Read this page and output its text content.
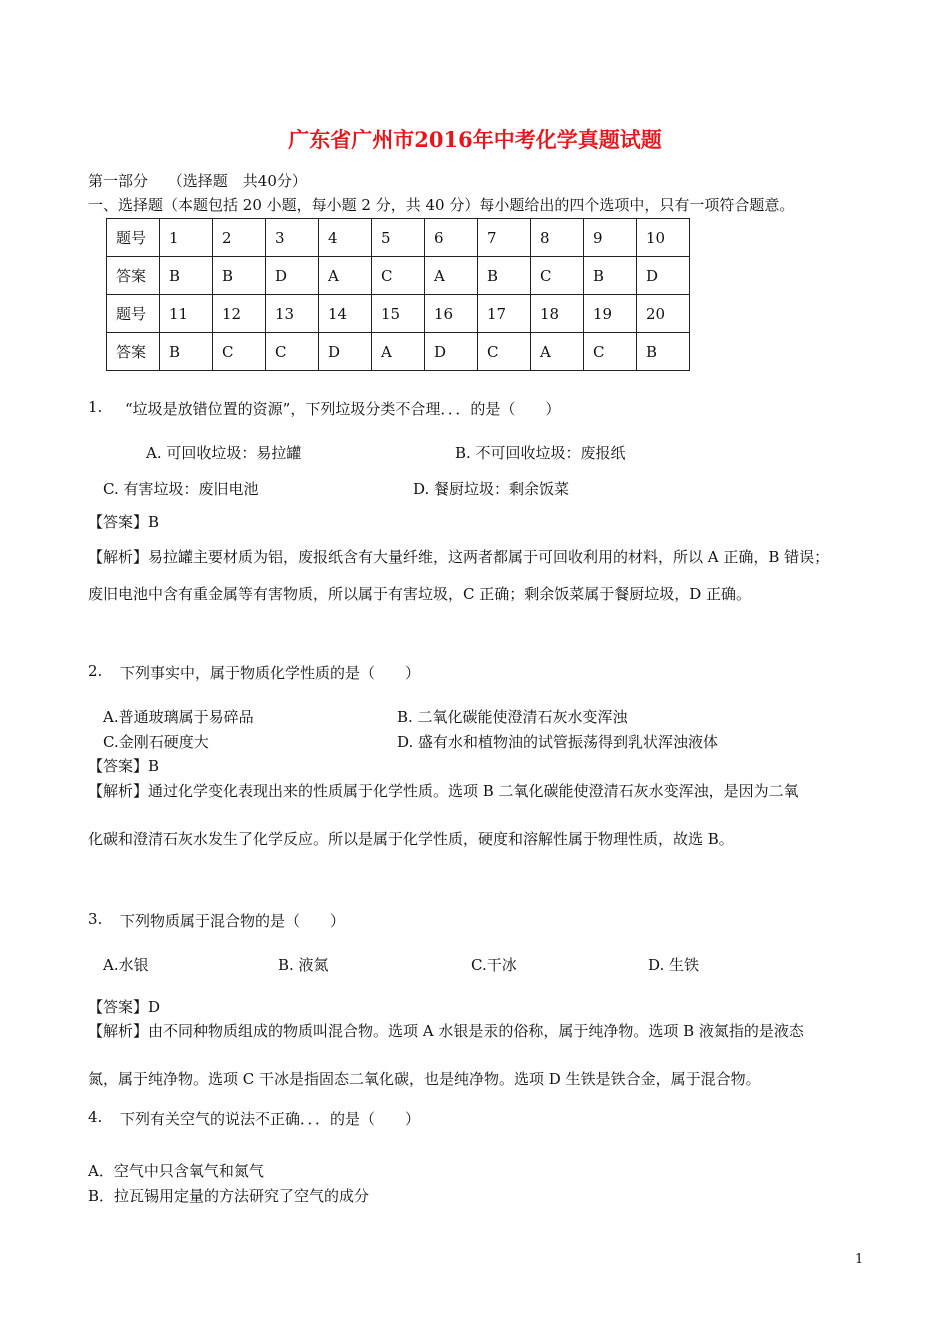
广东省广州市2016年中考化学真题试题
第一部分　 （选择题　共40分）
一、选择题（本题包括 20 小题，每小题 2 分，共 40 分）每小题给出的四个选项中，只有一项符合题意。
题号	1	2	3	4	5	6	7	8	9	10
答案	B	B	D	A	C	A	B	C	B	D
题号	11	12	13	14	15	16	17	18	19	20
答案	B	C	C	D	A	D	C	A	C	B
1. “垃圾是放错位置的资源”，下列垃圾分类不合理．．．的是（　　）
A. 可回收垃圾：易拉罐	B. 不可回收垃圾：废报纸
C. 有害垃圾：废旧电池	D. 餐厨垃圾：剩余饭菜
【答案】B
【解析】易拉罐主要材质为铝，废报纸含有大量纤维，这两者都属于可回收利用的材料，所以 A 正确，B 错误；
废旧电池中含有重金属等有害物质，所以属于有害垃圾，C 正确；剩余饭菜属于餐厨垃圾，D 正确。
2. 下列事实中，属于物质化学性质的是（　　）
A.普通玻璃属于易碎品	B. 二氧化碳能使澄清石灰水变浑浊
C.金刚石硬度大	D. 盛有水和植物油的试管振荡得到乳状浑浊液体
【答案】B
【解析】通过化学变化表现出来的性质属于化学性质。选项 B 二氧化碳能使澄清石灰水变浑浊，是因为二氧
化碳和澄清石灰水发生了化学反应。所以是属于化学性质，硬度和溶解性属于物理性质，故选 B。
3. 下列物质属于混合物的是（　　）
A.水银	B. 液氮	C.干冰	D. 生铁
【答案】D
【解析】由不同种物质组成的物质叫混合物。选项 A 水银是汞的俗称，属于纯净物。选项 B 液氮指的是液态
氮，属于纯净物。选项 C 干冰是指固态二氧化碳，也是纯净物。选项 D 生铁是铁合金，属于混合物。
4. 下列有关空气的说法不正确．．．的是（　　）
A．空气中只含氧气和氮气
B．拉瓦锡用定量的方法研究了空气的成分
1
